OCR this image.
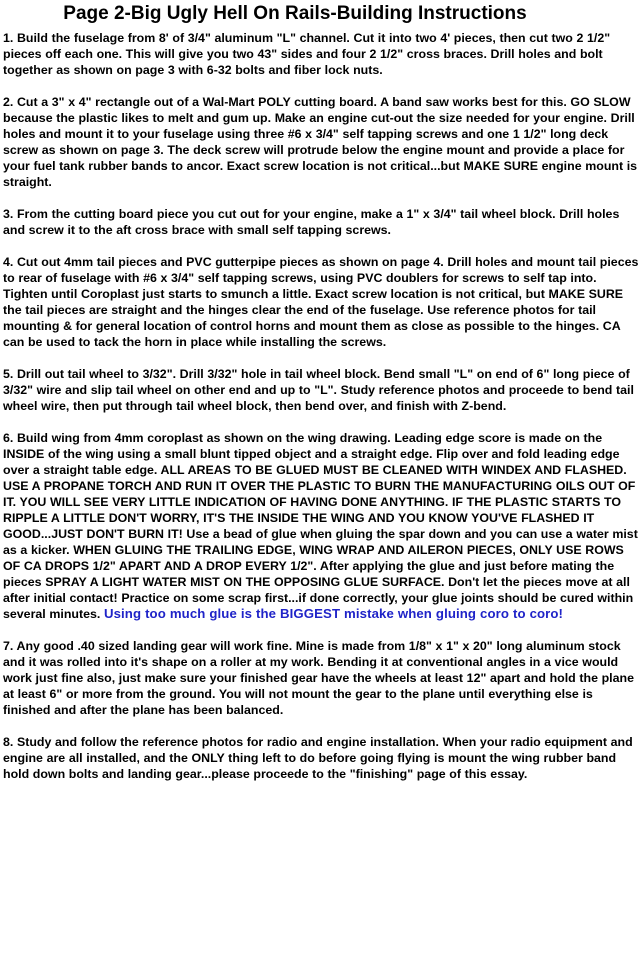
Page 2-Big Ugly Hell On Rails-Building Instructions

1. Build the fuselage from 8' of 3/4" aluminum "L" channel. Cut it into two 4' pieces, then cut two 2 1/2" pieces off each one. This will give you two 43" sides and four 2 1/2" cross braces. Drill holes and bolt together as shown on page 3 with 6-32 bolts and fiber lock nuts.

2. Cut a 3" x 4" rectangle out of a Wal-Mart POLY cutting board. A band saw works best for this. GO SLOW because the plastic likes to melt and gum up. Make an engine cut-out the size needed for your engine. Drill holes and mount it to your fuselage using three #6 x 3/4" self tapping screws and one 1 1/2" long deck screw as shown on page 3. The deck screw will protrude below the engine mount and provide a place for your fuel tank rubber bands to ancor. Exact screw location is not critical...but MAKE SURE engine mount is straight.

3. From the cutting board piece you cut out for your engine, make a 1" x 3/4" tail wheel block. Drill holes and screw it to the aft cross brace with small self tapping screws.

4. Cut out 4mm tail pieces and PVC gutterpipe pieces as shown on page 4. Drill holes and mount tail pieces to rear of fuselage with #6 x 3/4" self tapping screws, using PVC doublers for screws to self tap into. Tighten until Coroplast just starts to smunch a little. Exact screw location is not critical, but MAKE SURE the tail pieces are straight and the hinges clear the end of the fuselage. Use reference photos for tail mounting & for general location of control horns and mount them as close as possible to the hinges. CA can be used to tack the horn in place while installing the screws.

5. Drill out tail wheel to 3/32". Drill 3/32" hole in tail wheel block. Bend small "L" on end of 6" long piece of 3/32" wire and slip tail wheel on other end and up to "L". Study reference photos and proceede to bend tail wheel wire, then put through tail wheel block, then bend over, and finish with Z-bend.

6. Build wing from 4mm coroplast as shown on the wing drawing. Leading edge score is made on the INSIDE of the wing using a small blunt tipped object and a straight edge. Flip over and fold leading edge over a straight table edge. ALL AREAS TO BE GLUED MUST BE CLEANED WITH WINDEX AND FLASHED. USE A PROPANE TORCH AND RUN IT OVER THE PLASTIC TO BURN THE MANUFACTURING OILS OUT OF IT. YOU WILL SEE VERY LITTLE INDICATION OF HAVING DONE ANYTHING. IF THE PLASTIC STARTS TO RIPPLE A LITTLE DON'T WORRY, IT'S THE INSIDE THE WING AND YOU KNOW YOU'VE FLASHED IT GOOD...JUST DON'T BURN IT! Use a bead of glue when gluing the spar down and you can use a water mist as a kicker. WHEN GLUING THE TRAILING EDGE, WING WRAP AND AILERON PIECES, ONLY USE ROWS OF CA DROPS 1/2" APART AND A DROP EVERY 1/2". After applying the glue and just before mating the pieces SPRAY A LIGHT WATER MIST ON THE OPPOSING GLUE SURFACE. Don't let the pieces move at all after initial contact! Practice on some scrap first...if done correctly, your glue joints should be cured within several minutes. Using too much glue is the BIGGEST mistake when gluing coro to coro!

7. Any good .40 sized landing gear will work fine. Mine is made from 1/8" x 1" x 20" long aluminum stock and it was rolled into it's shape on a roller at my work. Bending it at conventional angles in a vice would work just fine also, just make sure your finished gear have the wheels at least 12" apart and hold the plane at least 6" or more from the ground. You will not mount the gear to the plane until everything else is finished and after the plane has been balanced.

8. Study and follow the reference photos for radio and engine installation. When your radio equipment and engine are all installed, and the ONLY thing left to do before going flying is mount the wing rubber band hold down bolts and landing gear...please proceede to the "finishing" page of this essay.
